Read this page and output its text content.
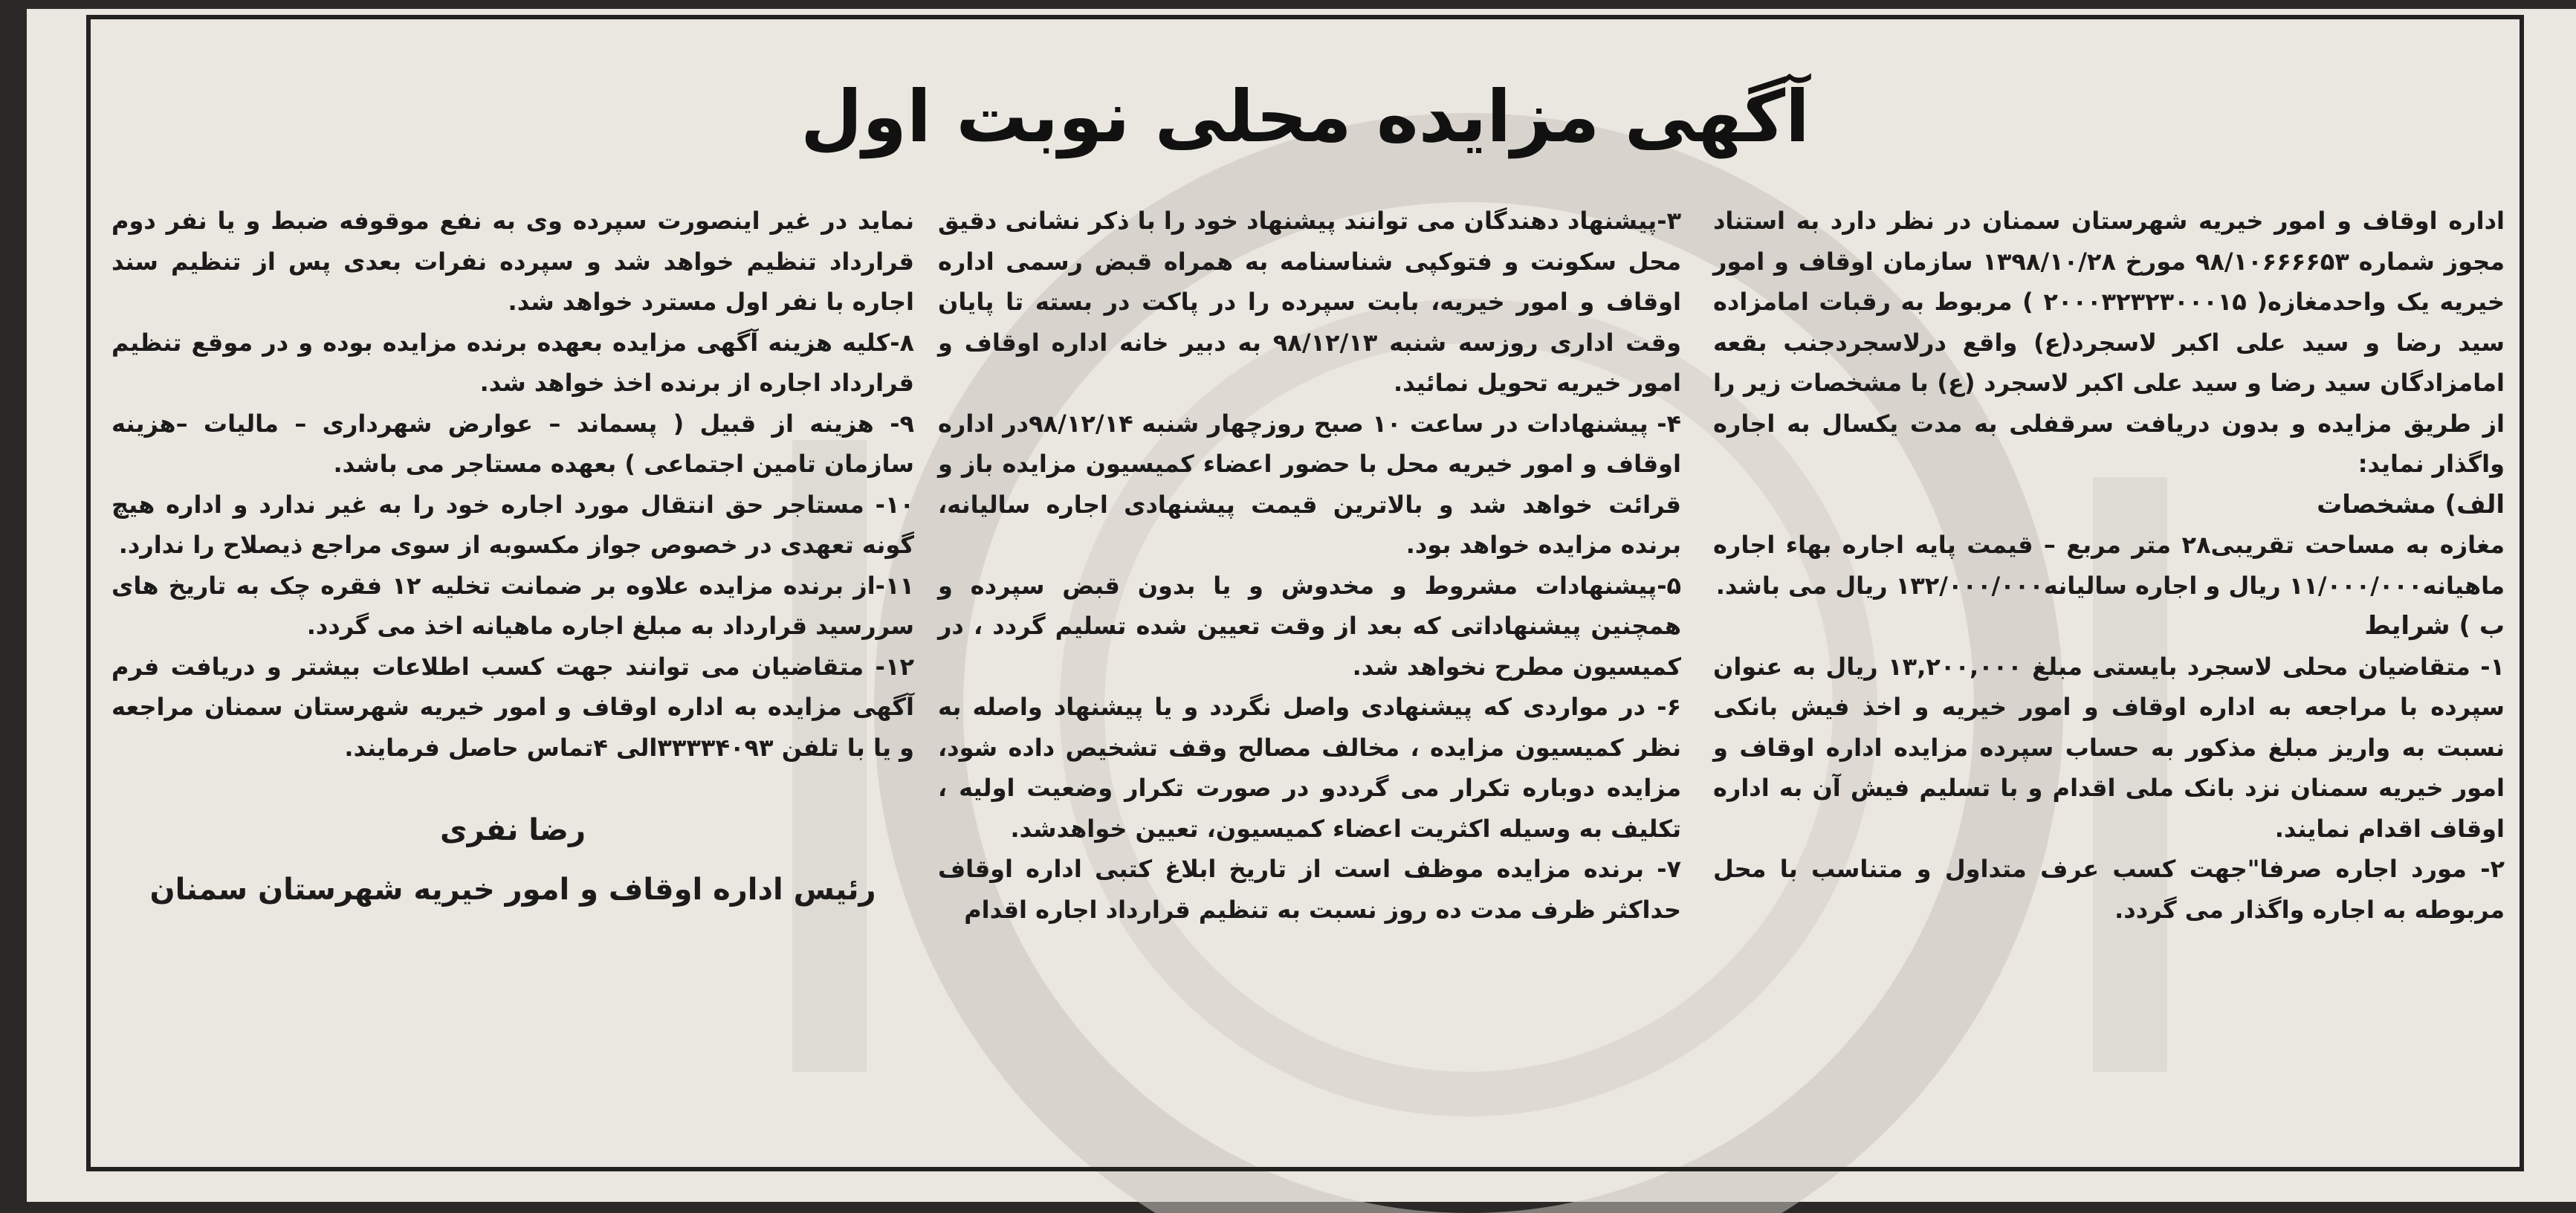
آگهی مزایده محلی نوبت اول

اداره اوقاف و امور خیریه شهرستان سمنان در نظر دارد به استناد مجوز شماره ۹۸/۱۰۶۶۶۶۵۳ مورخ ۱۳۹۸/۱۰/۲۸ سازمان اوقاف و امور خیریه یک واحدمغازه( ۲۰۰۰۳۲۳۲۳۰۰۰۱۵ ) مربوط به رقبات امامزاده سید رضا و سید علی اکبر لاسجرد(ع) واقع درلاسجردجنب بقعه امامزادگان سید رضا و سید علی اکبر لاسجرد (ع) با مشخصات زیر را از طریق مزایده و بدون دریافت سرقفلی به مدت یکسال به اجاره واگذار نماید:

الف) مشخصات

مغازه به مساحت تقریبی۲۸ متر مربع – قیمت پایه اجاره بهاء اجاره ماهیانه۱۱/۰۰۰/۰۰۰ ریال و اجاره سالیانه۱۳۲/۰۰۰/۰۰۰ ریال می باشد.

ب ) شرایط

۱- متقاضیان محلی لاسجرد بایستی مبلغ ۱۳,۲۰۰,۰۰۰ ریال به عنوان سپرده با مراجعه به اداره اوقاف و امور خیریه و اخذ فیش بانکی نسبت به واریز مبلغ مذکور به حساب سپرده مزایده اداره اوقاف و امور خیریه سمنان نزد بانک ملی اقدام و با تسلیم فیش آن به اداره اوقاف اقدام نمایند.

۲- مورد اجاره صرفا"جهت کسب عرف متداول و متناسب با محل مربوطه به اجاره واگذار می گردد.

۳-پیشنهاد دهندگان می توانند پیشنهاد خود را با ذکر نشانی دقیق محل سکونت و فتوکپی شناسنامه به همراه قبض رسمی اداره اوقاف و امور خیریه، بابت سپرده را در پاکت در بسته تا پایان وقت اداری روزسه شنبه ۹۸/۱۲/۱۳ به دبیر خانه اداره اوقاف و امور خیریه تحویل نمائید.

۴- پیشنهادات در ساعت ۱۰ صبح روزچهار شنبه ۹۸/۱۲/۱۴در اداره اوقاف و امور خیریه محل با حضور اعضاء کمیسیون مزایده باز و قرائت خواهد شد و بالاترین قیمت پیشنهادی اجاره سالیانه، برنده مزایده خواهد بود.

۵-پیشنهادات مشروط و مخدوش و یا بدون قبض سپرده و همچنین پیشنهاداتی که بعد از وقت تعیین شده تسلیم گردد ، در کمیسیون مطرح نخواهد شد.

۶- در مواردی که پیشنهادی واصل نگردد و یا پیشنهاد واصله به نظر کمیسیون مزایده ، مخالف مصالح وقف تشخیص داده شود، مزایده دوباره تکرار می گرددو در صورت تکرار وضعیت اولیه ، تکلیف به وسیله اکثریت اعضاء کمیسیون، تعیین خواهدشد.

۷- برنده مزایده موظف است از تاریخ ابلاغ کتبی اداره اوقاف حداکثر ظرف مدت ده روز نسبت به تنظیم قرارداد اجاره اقدام

نماید در غیر اینصورت سپرده وی به نفع موقوفه ضبط و یا نفر دوم قرارداد تنظیم خواهد شد و سپرده نفرات بعدی پس از تنظیم سند اجاره با نفر اول مسترد خواهد شد.

۸-کلیه هزینه آگهی مزایده بعهده برنده مزایده بوده و در موقع تنظیم قرارداد اجاره از برنده اخذ خواهد شد.

۹- هزینه از قبیل ( پسماند – عوارض شهرداری – مالیات –هزینه سازمان تامین اجتماعی ) بعهده مستاجر می باشد.

۱۰- مستاجر حق انتقال مورد اجاره خود را به غیر ندارد و اداره هیچ گونه تعهدی در خصوص جواز مکسوبه از سوی مراجع ذیصلاح را ندارد.

۱۱-از برنده مزایده علاوه بر ضمانت تخلیه ۱۲ فقره چک به تاریخ های سررسید قرارداد به مبلغ اجاره ماهیانه اخذ می گردد.

۱۲- متقاضیان می توانند جهت کسب اطلاعات بیشتر و دریافت فرم آگهی مزایده به اداره اوقاف و امور خیریه شهرستان سمنان مراجعه و یا با تلفن ۳۳۳۳۴۰۹۳الی ۴تماس حاصل فرمایند.

رضا نفری

رئیس اداره اوقاف و امور خیریه شهرستان سمنان
